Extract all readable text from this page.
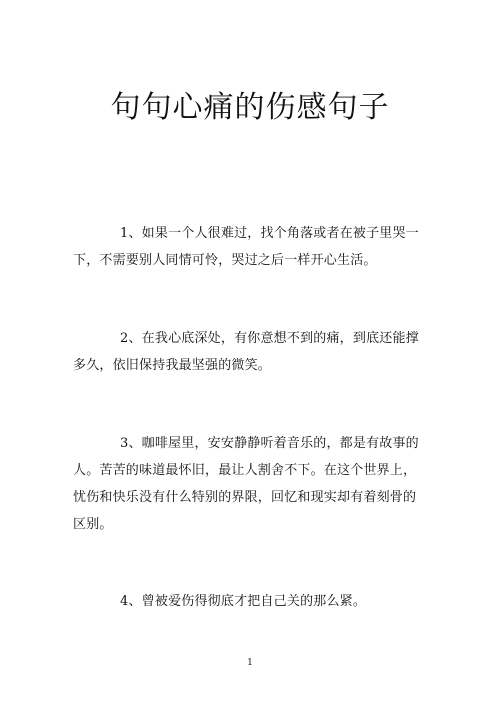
句句心痛的伤感句子

1、如果一个人很难过，找个角落或者在被子里哭一下，不需要别人同情可怜，哭过之后一样开心生活。

2、在我心底深处，有你意想不到的痛，到底还能撑多久，依旧保持我最坚强的微笑。

3、咖啡屋里，安安静静听着音乐的，都是有故事的人。苦苦的味道最怀旧，最让人割舍不下。在这个世界上，忧伤和快乐没有什么特别的界限，回忆和现实却有着刻骨的区别。

4、曾被爱伤得彻底才把自己关的那么紧。

1
